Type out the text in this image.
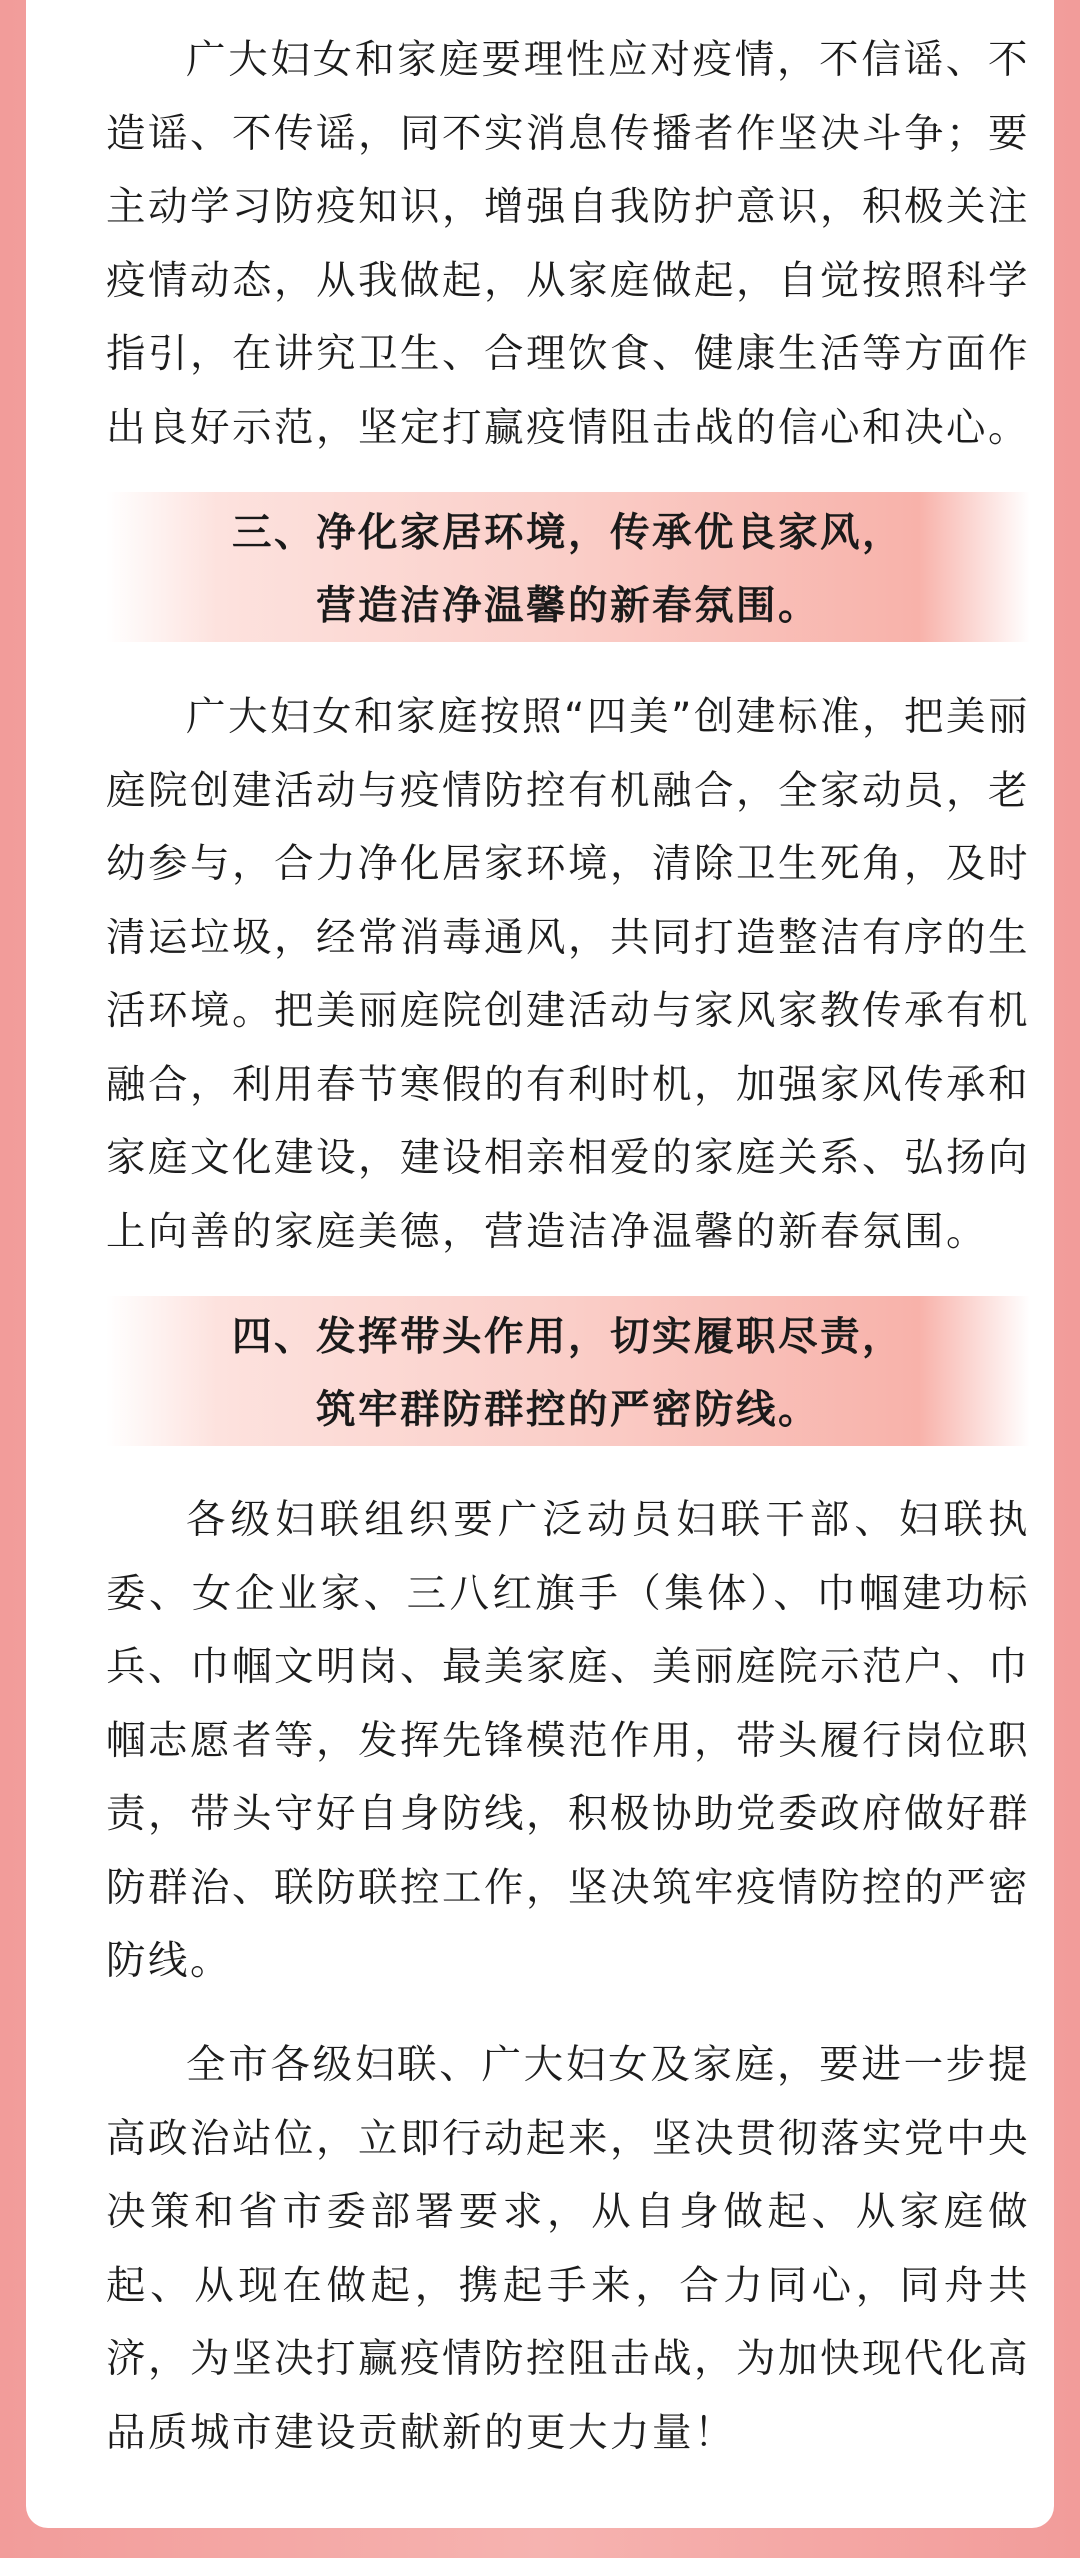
广大妇女和家庭要理性应对疫情，不信谣、不造谣、不传谣，同不实消息传播者作坚决斗争；要主动学习防疫知识，增强自我防护意识，积极关注疫情动态，从我做起，从家庭做起，自觉按照科学指引，在讲究卫生、合理饮食、健康生活等方面作出良好示范，坚定打赢疫情阻击战的信心和决心。

三、净化家居环境，传承优良家风，
营造洁净温馨的新春氛围。

广大妇女和家庭按照“四美”创建标准，把美丽庭院创建活动与疫情防控有机融合，全家动员，老幼参与，合力净化居家环境，清除卫生死角，及时清运垃圾，经常消毒通风，共同打造整洁有序的生活环境。把美丽庭院创建活动与家风家教传承有机融合，利用春节寒假的有利时机，加强家风传承和家庭文化建设，建设相亲相爱的家庭关系、弘扬向上向善的家庭美德，营造洁净温馨的新春氛围。

四、发挥带头作用，切实履职尽责，
筑牢群防群控的严密防线。

各级妇联组织要广泛动员妇联干部、妇联执委、女企业家、三八红旗手（集体）、巾帼建功标兵、巾帼文明岗、最美家庭、美丽庭院示范户、巾帼志愿者等，发挥先锋模范作用，带头履行岗位职责，带头守好自身防线，积极协助党委政府做好群防群治、联防联控工作，坚决筑牢疫情防控的严密防线。

全市各级妇联、广大妇女及家庭，要进一步提高政治站位，立即行动起来，坚决贯彻落实党中央决策和省市委部署要求，从自身做起、从家庭做起、从现在做起，携起手来，合力同心，同舟共济，为坚决打赢疫情防控阻击战，为加快现代化高品质城市建设贡献新的更大力量！
